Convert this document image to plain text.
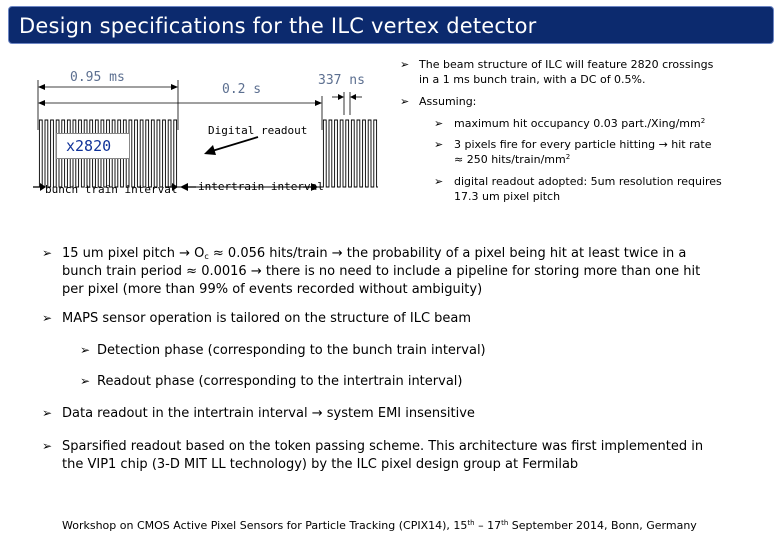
Design specifications for the ILC vertex detector
0.95 ms
0.2 s
337 ns
Digital readout
x2820
bunch train interval intertrain interval
➢ The beam structure of ILC will feature 2820 crossings
in a 1 ms bunch train, with a DC of 0.5%.
➢ Assuming:
➢ maximum hit occupancy 0.03 $part./Xing/mm^2$
➢ 3 pixels fire for every particle hitting → hit rate
≈ 250 hits/$train/mm^2$
➢ digital readout adopted: 5um resolution requires
17.3 um pixel pitch
➢ 15 um pixel pitch → $O_c \approx 0.056$ hits/train → the probability of a pixel being hit at least twice in a
bunch train period ≈ 0.0016 → there is no need to include a pipeline for storing more than one hit
per pixel (more than 99% of events recorded without ambiguity)
➢ MAPS sensor operation is tailored on the structure of ILC beam
➢ Detection phase (corresponding to the bunch train interval)
➢ Readout phase (corresponding to the intertrain interval)
➢ Data readout in the intertrain interval → system EMI insensitive
➢ Sparsified readout based on the token passing scheme. This architecture was first implemented in
the VIP1 chip (3-D MIT LL technology) by the ILC pixel design group at Fermilab
Workshop on CMOS Active Pixel Sensors for Particle Tracking (CPIX14), 15th – 17th September 2014, Bonn, Germany
